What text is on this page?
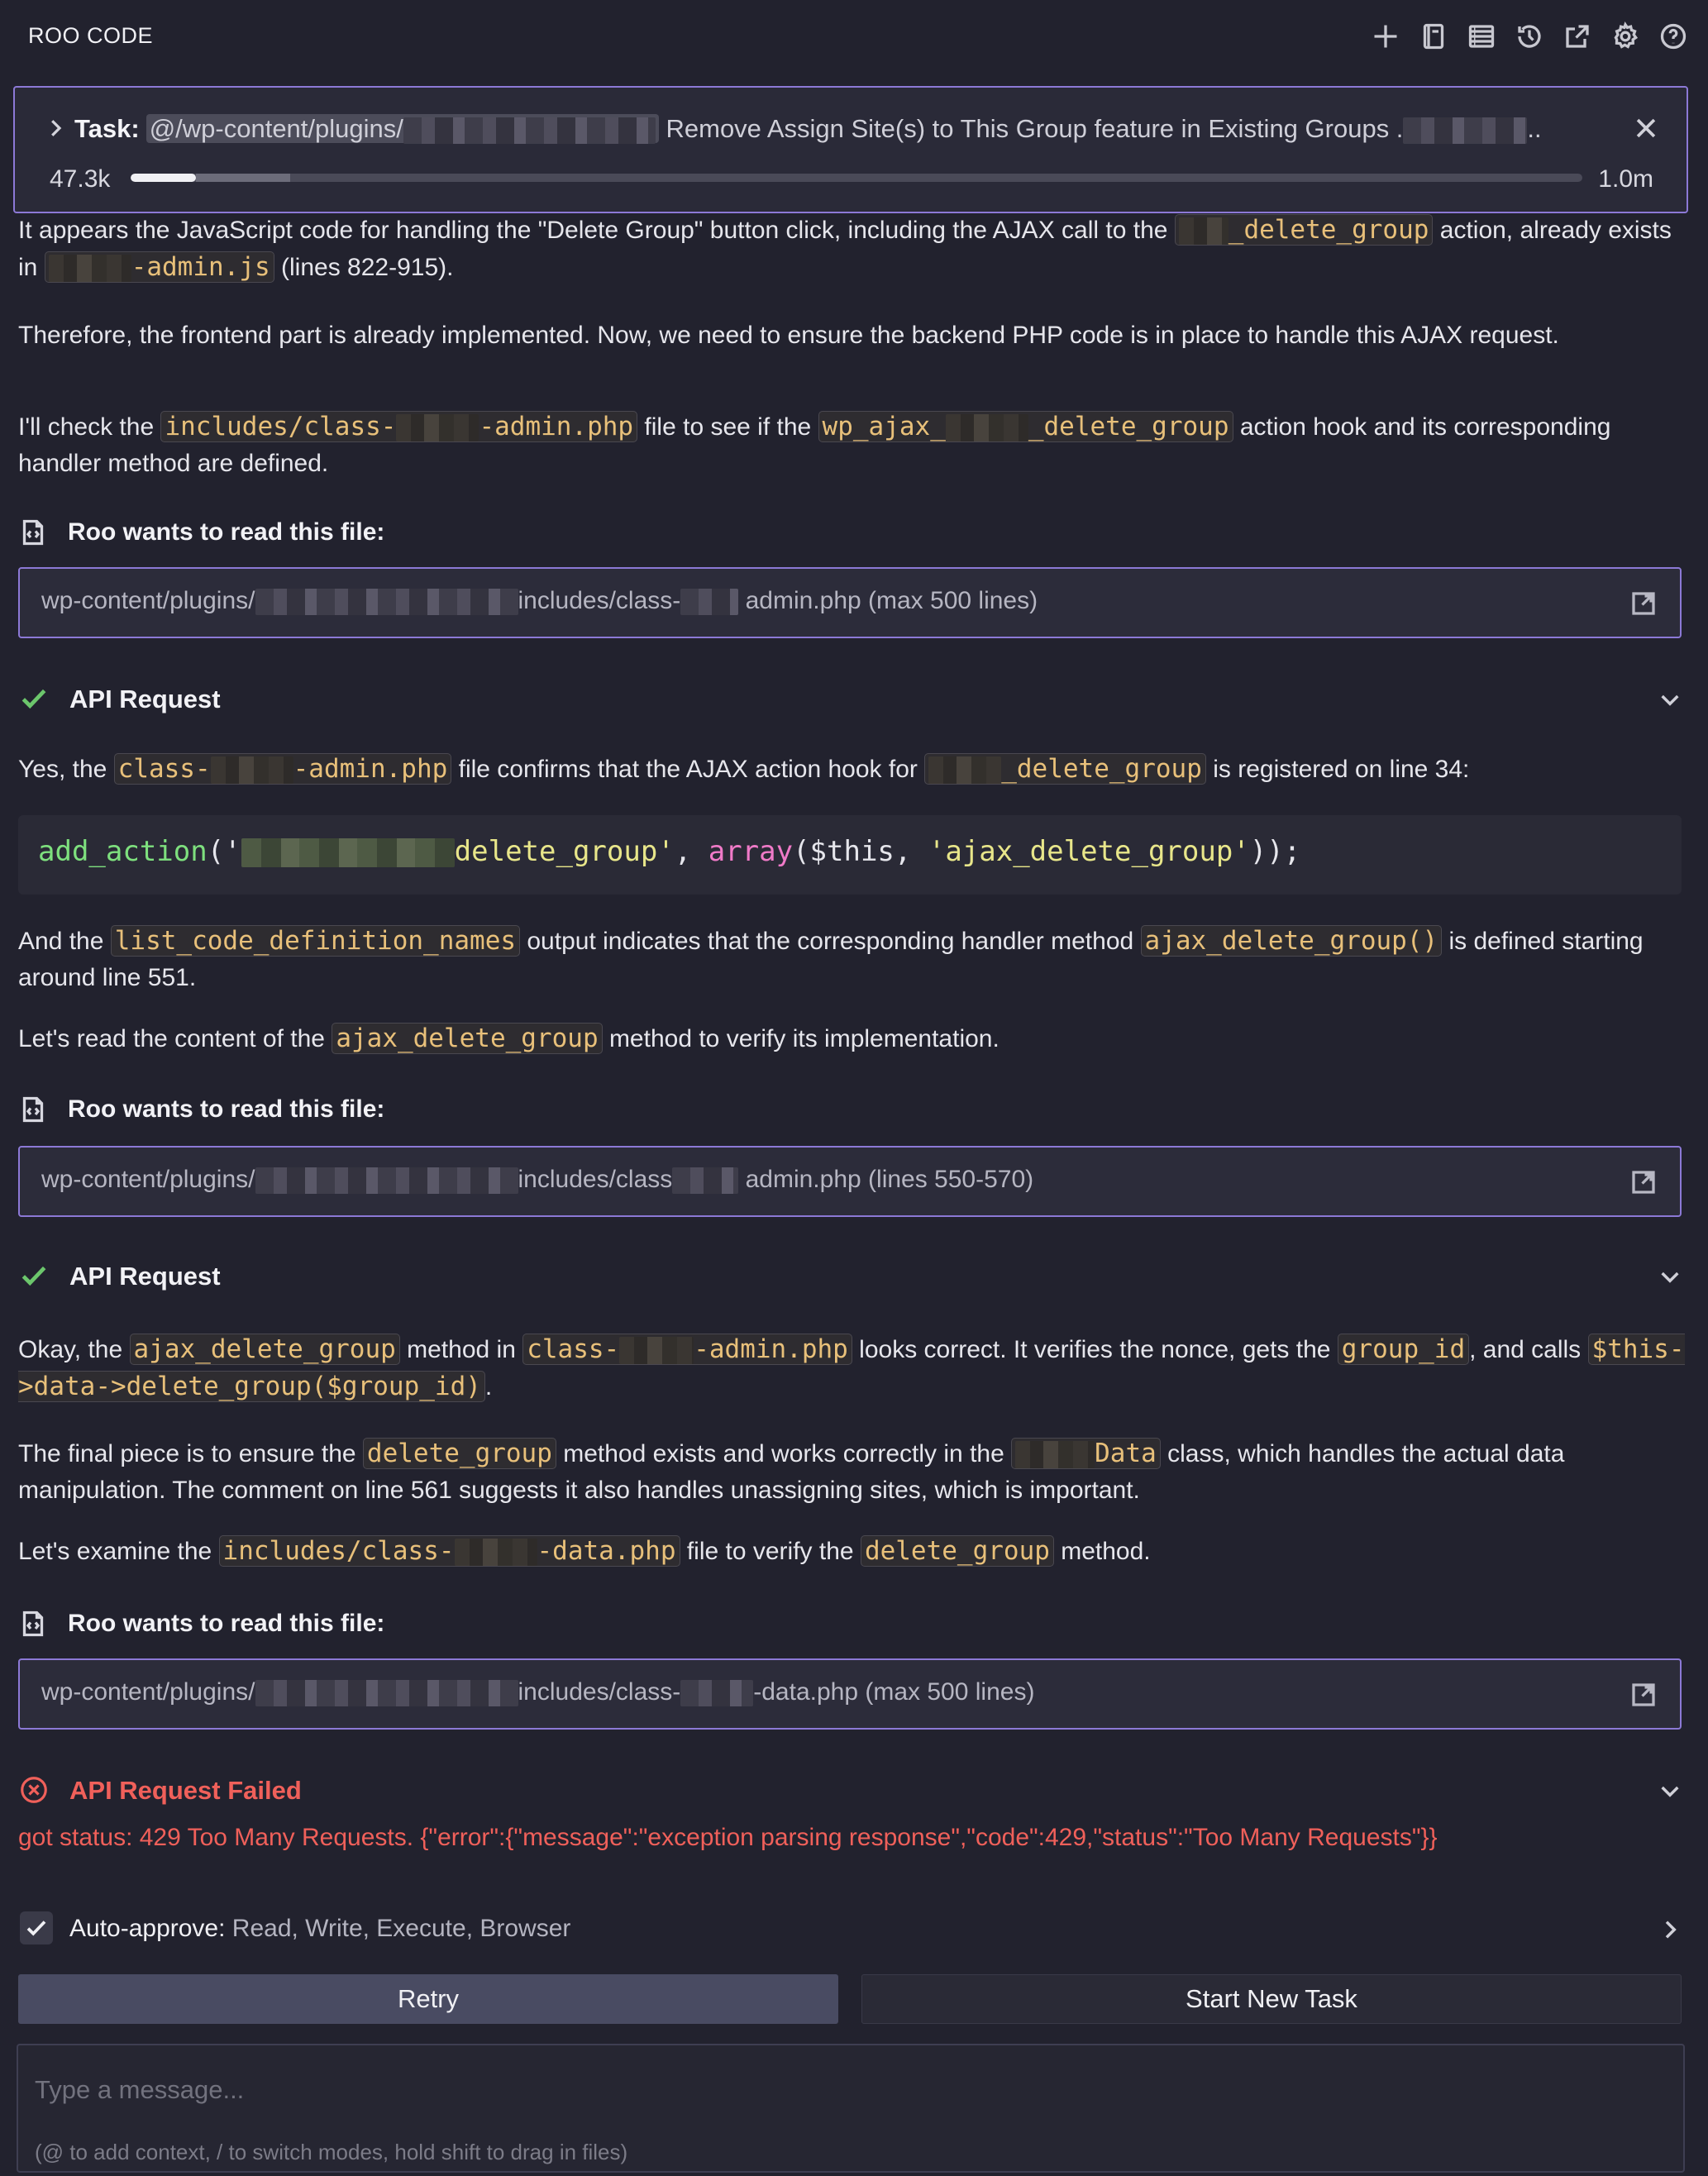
ROO CODE
Task: @/wp-content/plugins/	Remove Assign Site(s) to This Group feature in Existing Groups .	..
47.3k	1.0m
It appears the JavaScript code for handling the "Delete Group" button click, including the AJAX call to the _delete_group action, already exists in	-admin.js (lines 822-915).
Therefore, the frontend part is already implemented. Now, we need to ensure the backend PHP code is in place to handle this AJAX request.
I'll check the includes/class-	-admin.php file to see if the wp_ajax_	_delete_group action hook and its corresponding handler method are defined.
Roo wants to read this file:
wp-content/plugins/	includes/class- admin.php (max 500 lines)
API Request
Yes, the class-	-admin.php file confirms that the AJAX action hook for	_delete_group is registered on line 34:
add_action('	delete_group', array($this, 'ajax_delete_group'));
And the list_code_definition_names output indicates that the corresponding handler method ajax_delete_group() is defined starting around line 551.
Let's read the content of the ajax_delete_group method to verify its implementation.
Roo wants to read this file:
wp-content/plugins/	includes/class	admin.php (lines 550-570)
API Request
Okay, the ajax_delete_group method in class-	-admin.php looks correct. It verifies the nonce, gets the group_id , and calls $this->data->delete_group($group_id) .
The final piece is to ensure the delete_group method exists and works correctly in the	Data class, which handles the actual data manipulation. The comment on line 561 suggests it also handles unassigning sites, which is important.
Let's examine the includes/class-	-data.php file to verify the delete_group method.
Roo wants to read this file:
wp-content/plugins/	includes/class-	-data.php (max 500 lines)
API Request Failed
got status: 429 Too Many Requests. {"error":{"message":"exception parsing response","code":429,"status":"Too Many Requests"}}
Auto-approve: Read, Write, Execute, Browser
Retry	Start New Task
Type a message...
(@ to add context, / to switch modes, hold shift to drag in files)
